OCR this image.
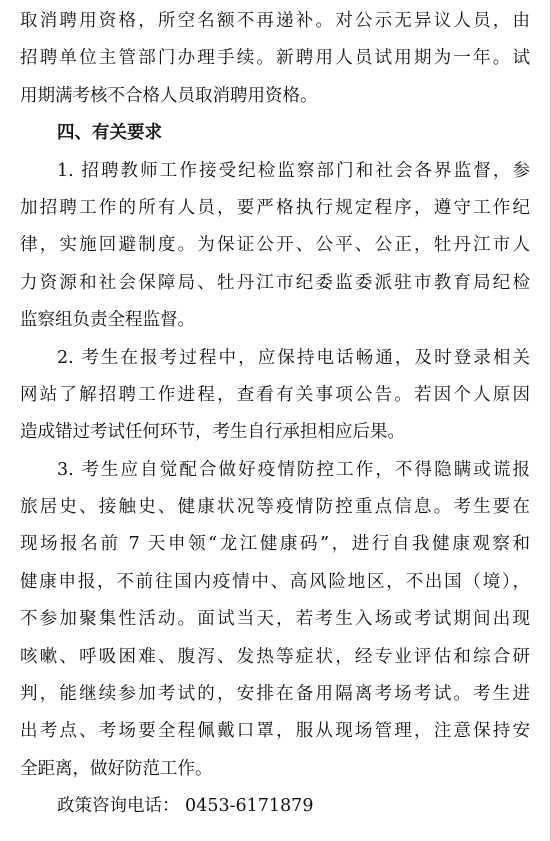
取消聘用资格，所空名额不再递补。对公示无异议人员，由
招聘单位主管部门办理手续。新聘用人员试用期为一年。试
用期满考核不合格人员取消聘用资格。
四、有关要求
1. 招聘教师工作接受纪检监察部门和社会各界监督，参
加招聘工作的所有人员，要严格执行规定程序，遵守工作纪
律，实施回避制度。为保证公开、公平、公正，牡丹江市人
力资源和社会保障局、牡丹江市纪委监委派驻市教育局纪检
监察组负责全程监督。
2. 考生在报考过程中，应保持电话畅通，及时登录相关
网站了解招聘工作进程，查看有关事项公告。若因个人原因
造成错过考试任何环节，考生自行承担相应后果。
3. 考生应自觉配合做好疫情防控工作，不得隐瞒或谎报
旅居史、接触史、健康状况等疫情防控重点信息。考生要在
现场报名前 7 天申领“龙江健康码”，进行自我健康观察和
健康申报，不前往国内疫情中、高风险地区，不出国（境），
不参加聚集性活动。面试当天，若考生入场或考试期间出现
咳嗽、呼吸困难、腹泻、发热等症状，经专业评估和综合研
判，能继续参加考试的，安排在备用隔离考场考试。考生进
出考点、考场要全程佩戴口罩，服从现场管理，注意保持安
全距离，做好防范工作。
政策咨询电话： 0453-6171879
